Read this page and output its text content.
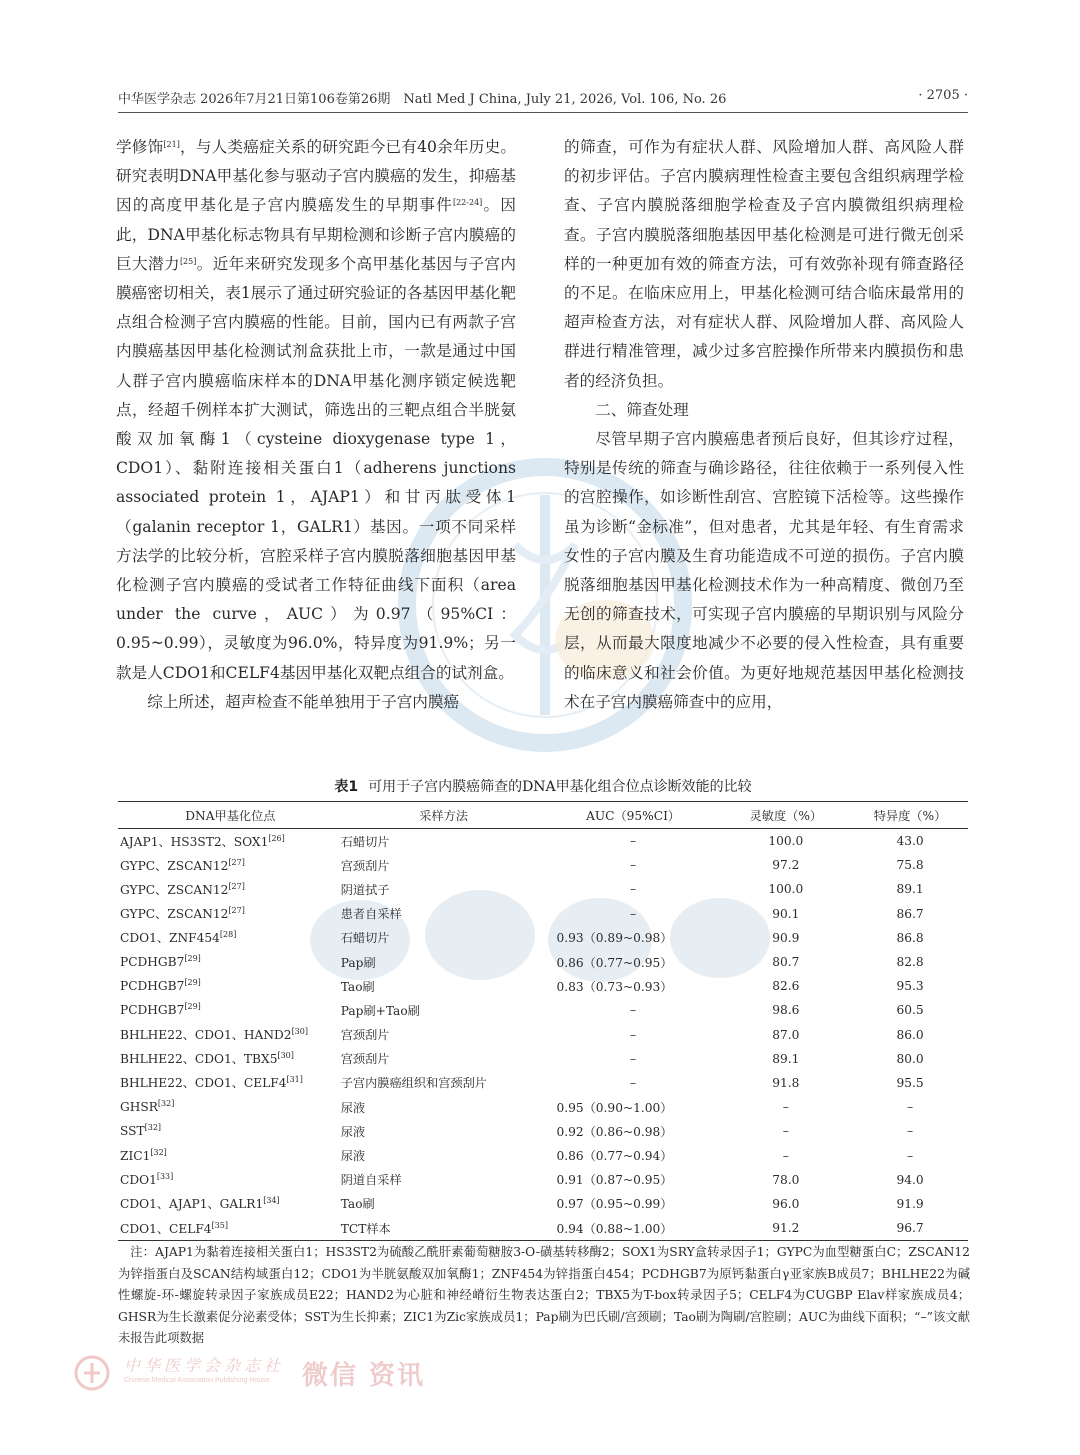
中华医学杂志 2026年7月21日第106卷第26期　Natl Med J China, July 21, 2026, Vol. 106, No. 26	· 2705 ·

学修饰[21]，与人类癌症关系的研究距今已有40余年历史。研究表明DNA甲基化参与驱动子宫内膜癌的发生，抑癌基因的高度甲基化是子宫内膜癌发生的早期事件[22-24]。因此，DNA甲基化标志物具有早期检测和诊断子宫内膜癌的巨大潜力[25]。近年来研究发现多个高甲基化基因与子宫内膜癌密切相关，表1展示了通过研究验证的各基因甲基化靶点组合检测子宫内膜癌的性能。目前，国内已有两款子宫内膜癌基因甲基化检测试剂盒获批上市，一款是通过中国人群子宫内膜癌临床样本的DNA甲基化测序锁定候选靶点，经超千例样本扩大测试，筛选出的三靶点组合半胱氨酸双加氧酶1（cysteine dioxygenase type 1，CDO1）、黏附连接相关蛋白1（adherens junctions associated protein 1，AJAP1）和甘丙肽受体1（galanin receptor 1，GALR1）基因。一项不同采样方法学的比较分析，宫腔采样子宫内膜脱落细胞基因甲基化检测子宫内膜癌的受试者工作特征曲线下面积（area under the curve，AUC）为0.97（95%CI：0.95~0.99），灵敏度为96.0%，特异度为91.9%；另一款是人CDO1和CELF4基因甲基化双靶点组合的试剂盒。

综上所述，超声检查不能单独用于子宫内膜癌

的筛查，可作为有症状人群、风险增加人群、高风险人群的初步评估。子宫内膜病理性检查主要包含组织病理学检查、子宫内膜脱落细胞学检查及子宫内膜微组织病理检查。子宫内膜脱落细胞基因甲基化检测是可进行微无创采样的一种更加有效的筛查方法，可有效弥补现有筛查路径的不足。在临床应用上，甲基化检测可结合临床最常用的超声检查方法，对有症状人群、风险增加人群、高风险人群进行精准管理，减少过多宫腔操作所带来内膜损伤和患者的经济负担。

二、筛查处理

尽管早期子宫内膜癌患者预后良好，但其诊疗过程，特别是传统的筛查与确诊路径，往往依赖于一系列侵入性的宫腔操作，如诊断性刮宫、宫腔镜下活检等。这些操作虽为诊断“金标准”，但对患者，尤其是年轻、有生育需求女性的子宫内膜及生育功能造成不可逆的损伤。子宫内膜脱落细胞基因甲基化检测技术作为一种高精度、微创乃至无创的筛查技术，可实现子宫内膜癌的早期识别与风险分层，从而最大限度地减少不必要的侵入性检查，具有重要的临床意义和社会价值。为更好地规范基因甲基化检测技术在子宫内膜癌筛查中的应用，

表1 可用于子宫内膜癌筛查的DNA甲基化组合位点诊断效能的比较
DNA甲基化位点	采样方法	AUC（95%CI）	灵敏度（%）	特异度（%）
AJAP1、HS3ST2、SOX1[26]	石蜡切片	–	100.0	43.0
GYPC、ZSCAN12[27]	宫颈刮片	–	97.2	75.8
GYPC、ZSCAN12[27]	阴道拭子	–	100.0	89.1
GYPC、ZSCAN12[27]	患者自采样	–	90.1	86.7
CDO1、ZNF454[28]	石蜡切片	0.93（0.89~0.98）	90.9	86.8
PCDHGB7[29]	Pap刷	0.86（0.77~0.95）	80.7	82.8
PCDHGB7[29]	Tao刷	0.83（0.73~0.93）	82.6	95.3
PCDHGB7[29]	Pap刷+Tao刷	–	98.6	60.5
BHLHE22、CDO1、HAND2[30]	宫颈刮片	–	87.0	86.0
BHLHE22、CDO1、TBX5[30]	宫颈刮片	–	89.1	80.0
BHLHE22、CDO1、CELF4[31]	子宫内膜癌组织和宫颈刮片	–	91.8	95.5
GHSR[32]	尿液	0.95（0.90~1.00）	–	–
SST[32]	尿液	0.92（0.86~0.98）	–	–
ZIC1[32]	尿液	0.86（0.77~0.94）	–	–
CDO1[33]	阴道自采样	0.91（0.87~0.95）	78.0	94.0
CDO1、AJAP1、GALR1[34]	Tao刷	0.97（0.95~0.99）	96.0	91.9
CDO1、CELF4[35]	TCT样本	0.94（0.88~1.00）	91.2	96.7

注：AJAP1为黏着连接相关蛋白1；HS3ST2为硫酸乙酰肝素葡萄糖胺3-O-磺基转移酶2；SOX1为SRY盒转录因子1；GYPC为血型糖蛋白C；ZSCAN12为锌指蛋白及SCAN结构域蛋白12；CDO1为半胱氨酸双加氧酶1；ZNF454为锌指蛋白454；PCDHGB7为原钙黏蛋白γ亚家族B成员7；BHLHE22为碱性螺旋-环-螺旋转录因子家族成员E22；HAND2为心脏和神经嵴衍生物表达蛋白2；TBX5为T-box转录因子5；CELF4为CUGBP Elav样家族成员4；GHSR为生长激素促分泌素受体；SST为生长抑素；ZIC1为Zic家族成员1；Pap刷为巴氏刷/宫颈刷；Tao刷为陶刷/宫腔刷；AUC为曲线下面积；“–”该文献未报告此项数据

中华医学会杂志社
Chinese Medical Association Publishing House 微信 资讯
